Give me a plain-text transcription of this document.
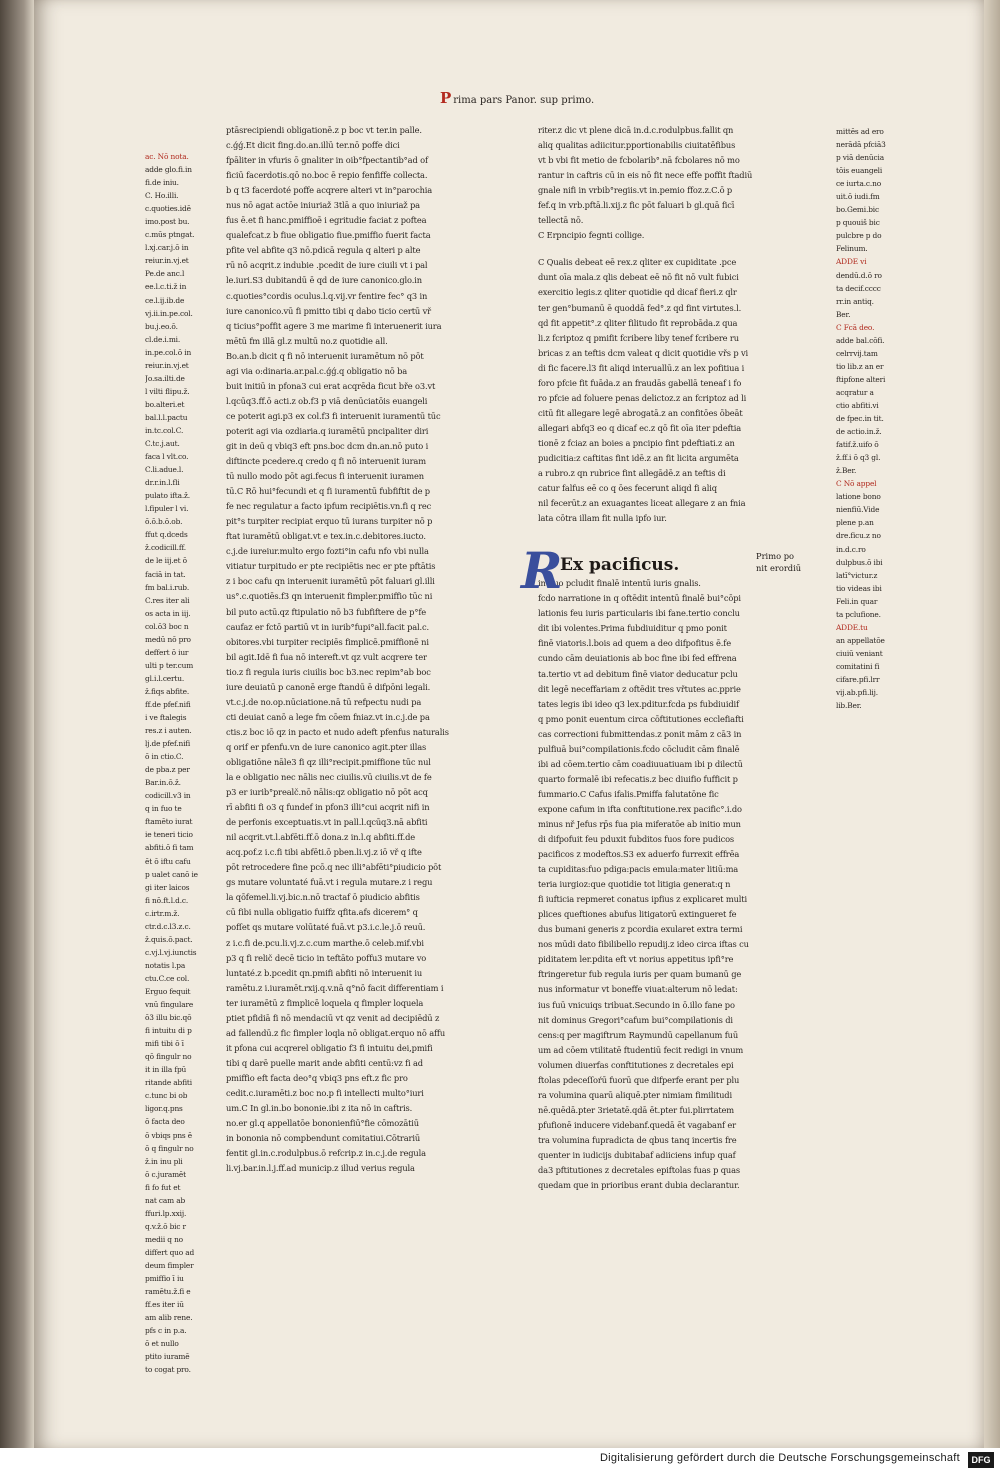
Prima pars Panor. sup primo.
ac. Nō nota.
adde glo.fi.in
fi.de iniu.
C. Ho.illi.
c.quoties.idē
imo.post bu.
c.mūs ptngat.
l.xj.car.j.ō in
reiur.in.vj.et
Pe.de anc.l
ee.l.c.ti.ž in
ce.l.ij.ib.de
vj.ii.in.pe.col.
bu.j.eo.ō.
cl.de.i.mi.
in.pe.col.ō in
reiur.in.vj.et
Jo.sa.ilti.de
l vilti flipu.ž.
bo.alteri.et
bal.l.l.pactu
in.tc.col.C.
C.tc.j.aut.
faca l vlt.co.
C.li.adue.l.
dr.r.in.l.fli
pulato ifta.ž.
l.fipuler l vi.
ō.ō.b.ō.ob.
ffut q.dceds
ž.codicill.ff.
de le iij.et ō
faciā in tat.
fm bal.i.rub.
C.res iter ali
os acta in iij.
col.ō3 boc n
medū nō pro
deffert ō iur
ulti p ter.cum
gl.i.l.certu.
ž.fiqs abfite.
ff.de pfef.nifi
i ve ftalegis
res.z i auten.
lj.de pfef.nifi
ō in ctio.C.
de pba.z per
Bar.in.ō.ž.
codicill.v3 in
q in fuo te
ftamēto iurat
ie teneri ticio
abfiti.ō fi tam
ēt ō iftu cafu
p ualet canō ie
gi iter laicos
fi nō.ft.l.d.c.
c.irtr.m.ž.
ctr.d.c.l3.z.c.
ž.quis.ō.pact.
c.vj.l.vj.iunctis
notatis l.pa
ctu.C.ce col.
Erguo fequit
vnū fingulare
ō3 illu bic.qō
fi intuitu di p
mifi tibi ō ī
qō fingulr no
it in illa fpū
ritande abfiti
c.tunc bi ob
ligor.q.pns
ō facta deo
ō vbiqs pns ē
ō q fingulr no
ž.in inu pli
ō c.juramēt
fi fo fut et
nat cam ab
ffuri.lp.xxij.
q.v.ž.ō bic r
medii q no
differt quo ad
deum fimpler
pmiffio ī iu
ramētu.ž.fi e
ff.es iter iū
am alib rene.
pfs c in p.a.
ō et nullo
ptito iuramē
to cogat pro.
ptāsrecipiendi obligationē.z p boc vt ter.in palle.
c.ǵǵ.Et dicit fing.do.an.illū ter.nō poffe dici
fpāliter in vfuris ō gnaliter in oib°fpectantib°ad of
ficiū facerdotis.qō no.boc ē repio fenfiffe collecta.
b q t3 facerdoté poffe acqrere alteri vt in°parochia
nus nō agat actōe iniuriaž 3tlā a quo iniuriaž pa
fus ē.et fi hanc.pmiffioē i egritudie faciat z poftea
qualefcat.z b fiue obligatio fiue.pmiffio fuerit facta
pfite vel abfite q3 nō.pdicā regula q alteri p alte
rū nō acqrit.z indubie .pcedit de iure ciuili vt i pal
le.iuri.S3 dubitandū ē qd de iure canonico.glo.in
c.quoties°cordis oculus.l.q.vij.vr fentire fec° q3 in
iure canonico.vū fi pmitto tibi q dabo ticio certū vř
q ticius°poffit agere 3 me marime fi interuenerit iura
mētū fm illā gl.z multū no.z quotidie all.
Bo.an.b dicit q fi nō interuenit iuramētum nō pōt
agi via o:dinaria.ar.pal.c.ǵǵ.q obligatio nō ba
buit initiū in pfona3 cui erat acqrēda ficut bře o3.vt
l.qcūq3.ff.ō acti.z ob.f3 p viā denūciatōis euangeli
ce poterit agi.p3 ex col.f3 fi interuenit iuramentū tūc
poterit agi via ozdiaria.q iuramētū pncipaliter diri
git in deū q vbiq3 eft pns.boc dcm dn.an.nō puto i
diftincte pcedere.q credo q fi nō interuenit iuram
tū nullo modo pōt agi.fecus fi interuenit iuramen
tū.C Rō hui°fecundi et q fi iuramentū fubfiftit de p
fe nec regulatur a facto ipfum recipiētis.vn.fi q rec
pit°s turpiter recipiat erquo tū iurans turpiter nō p
ftat iuramētū obligat.vt e tex.in.c.debitores.iucto.
c.j.de iureiur.multo ergo fozti°in cafu nfo vbi nulla
vitiatur turpitudo er pte recipiētis nec er pte pftātis
z i boc cafu qn interuenit iuramētū pōt faluari gl.illi
us°.c.quotiēs.f3 qn interuenit fimpler.pmiffio tūc ni
bil puto actū.qz ftipulatio nō b3 fubfiftere de p°fe
caufaz er fctō partiū vt in iurib°fupi°all.facit pal.c.
obitores.vbi turpiter recipiēs fimplicē.pmiffionē ni
bil agit.Idē fi fua nō intereft.vt qz vult acqrere ter
tio.z fi regula iuris ciuilis boc b3.nec repim°ab boc
iure deuiatū p canonē erge ftandū ē difpōni legali.
vt.c.j.de no.op.nūciatione.nā tū refpectu nudi pa
cti deuiat canō a lege fm cōem fniaz.vt in.c.j.de pa
ctis.z boc iō qz in pacto et nudo adeft pfenfus naturalis
q orif er pfenfu.vn de iure canonico agit.pter illas
obligatiōne nāle3 fi qz illi°recipit.pmiffione tūc nul
la e obligatio nec nālis nec ciuilis.vū ciuilis.vt de fe
p3 er iurib°prealč.nō nālis:qz obligatio nō pōt acq
rī abfiti fi o3 q fundef in pfon3 illi°cui acqrit nifi in
de perfonis exceptuatis.vt in pall.l.qcūq3.nā abfiti
nil acqrit.vt.l.abfēti.ff.ō dona.z in.l.q abfiti.ff.de
acq.pof.z i.c.fi tibi abfēti.ō pben.li.vj.z iō vř q ifte
pōt retrocedere fine pcō.q nec illi°abfēti°piudicio pōt
gs mutare voluntaté fuā.vt i regula mutare.z i regu
la qōfemel.li.vj.bic.n.nō tractaf ō piudicio abfitis
cū fibi nulla obligatio fuiffz qfita.afs dicerem° q
pofſet qs mutare volūtaté fuā.vt p3.i.c.le.j.ō reuū.
z i.c.fi de.pcu.li.vj.z.c.cum marthe.ō celeb.mif.vbi
p3 q fi relič decē ticio in teftāto poffu3 mutare vo
luntaté.z b.pcedit qn.pmifi abfiti nō interuenit iu
ramētu.z i.iuramēt.rxij.q.v.nā q°nō facit differentiam i
ter iuramētū z fimplicē loquela q fimpler loquela
ptiet pfidiā fi nō mendaciū vt qz venit ad decipiēdū z
ad fallendū.z fic fimpler loqla nō obligat.erquo nō affu
it pfona cui acqrerel obligatio f3 fi intuitu dei,pmifi
tibi q darē puelle marit ande abfiti centū:vz fi ad
pmiffio eft facta deo°q vbiq3 pns eft.z fic pro
cedit.c.iuramēti.z boc no.p fi intellecti multo°iuri
um.C In gl.in.bo bononie.ibi z ita nō in caftris.
no.er gl.q appellatōe bononienfiū°fie cōmozātiū
in bononia nō compbendunt comitatiui.Cōtrariū
fentit gl.in.c.rodulpbus.ō refcrip.z in.c.j.de regula
li.vj.bar.in.l.j.ff.ad municip.z illud verius regula
riter.z dic vt plene dicā in.d.c.rodulpbus.fallit qn
aliq qualitas adiicitur.pportionabilis ciuitatēfibus
vt b vbi fit metio de fcbolarib°.nā fcbolares nō mo
rantur in caftris cū in eis nō fit nece effe poffit ftadiū
gnale nifi in vrbib°regiis.vt in.pemio ffoz.z.C.ō p
fef.q in vrb.pftā.li.xij.z fic pōt faluari b gl.quā ficī
tellectā nō.
C Erpncipio fegnti collige.
C Qualis debeat eē rex.z qliter ex cupiditate .pce
dunt oīa mala.z qlis debeat eē nō fit nō vult fubici
exercitio legis.z qliter quotidie qd dicaf fieri.z qlr
ter gen°bumanū ē quoddā fed°.z qd fint virtutes.l.
qd fit appetit°.z qliter filitudo fit reprobāda.z qua
li.z fcriptoz q pmifit fcribere liby tenef fcribere ru
bricas z an teftis dcm valeat q dicit quotidie vřs p vi
di fic facere.l3 fit aliqd interuallū.z an lex pofitiua i
foro pfcie fit fuāda.z an fraudās gabellā teneaf i fo
ro pfcie ad foluere penas delictoz.z an fcriptoz ad li
citū fit allegare legē abrogatā.z an confitōes ōbeāt
allegari abfq3 eo q dicaf ec.z qō fit oīa iter pdeftia
tionē z fciaz an boies a pncipio fint pdeftiati.z an
pudicitia:z caftitas fint idē.z an fit licita argumēta
a rubro.z qn rubrice fint allegādē.z an teftis di
catur falfus eē co q ōes fecerunt aliqd fi aliq
nil fecerūt.z an exuagantes liceat allegare z an fnia
lata cōtra illam fit nulla ipfo iur.
in quo pcludit finalē intentū iuris gnalis.
fcdo narratione in q oftēdit intentū finalē bui°cōpi
lationis feu iuris particularis ibi fane.tertio conclu
dit ibi volentes.Prima fubdiuiditur q pmo ponit
finē viatoris.l.bois ad quem a deo difpofitus ē.fe
cundo cām deuiationis ab boc fine ibi fed effrena
ta.tertio vt ad debitum finē viator deducatur pclu
dit legē neceffariam z oftēdit tres vřtutes ac.pprie
tates legis ibi ideo q3 lex.pditur.fcda ps fubdiuidif
q pmo ponit euentum circa cōftitutiones ecclefiafti
cas correctioni fubmittendas.z ponit mām z cā3 in
pulfiuā bui°compilationis.fcdo cōcludit cām finalē
ibi ad cōem.tertio cām coadiuuatiuam ibi p dilectū
quarto formalē ibi refecatis.z bec diuifio fufficit p
fummario.C Cafus ifalis.Pmiffa falutatōne fic
expone cafum in ifta conftitutione.rex pacific°.i.do
minus nř Jefus rp̄s fua pia miferatōe ab initio mun
di difpofuit feu pduxit fubditos fuos fore pudicos
pacificos z modeftos.S3 ex aduerfo furrexit effrēa
ta cupiditas:fuo pdiga:pacis emula:mater litiū:ma
teria iurgioz:que quotidie tot litigia generat:q n
fi iufticia repmeret conatus ipfius z explicaret multi
plices queftiones abufus litigatorū extingueret fe
dus bumani generis z pcordia exularet extra termi
nos mūdi dato fibilibello repudij.z ideo circa iftas cu
piditatem ler.pdita eft vt norius appetitus ipfi°re
ftringeretur fub regula iuris per quam bumanū ge
nus informatur vt boneffe viuat:alterum nō ledat:
ius fuū vnicuiqs tribuat.Secundo in ō.illo fane po
nit dominus Gregori°cafum bui°compilationis di
cens:q per magiftrum Raymundū capellanum fuū
um ad cōem vtilitatē ftudentiū fecit redigi in vnum
volumen diuerfas conftitutiones z decretales epi
ftolas pdeceſſoŕū fuorū que difperfe erant per plu
ra volumina quarū aliquē.pter nimiam fimilitudi
nē.quēdā.pter 3rietatē.qdā ēt.pter fui.plirrtatem
pfufionē inducere videbanf.quedā ēt vagabanf er
tra volumina fupradicta de qbus tanq incertis fre
quenter in iudicijs dubitabaf adiiciens infup quaf
da3 pftitutiones z decretales epiftolas fuas p quas
quedam que in prioribus erant dubia declarantur.
mittēs ad ero
nerādā pfciā3
p viā denūcia
tōis euangeli
ce iurta.c.no
uit.ō iudi.fm
bo.Gemi.bic
p quouiš bic
pulcbre p do
Felinum.
ADDE vi
dendū.d.ō ro
ta decif.cccc
rr.in antiq.
Ber.
C Fcā deo.
adde bal.cōfi.
celrrvij.tam
tio lib.z an er
ftipfone alteri
acqratur a
ctio abfiti.vi
de fpec.in tit.
de actio.in.ž.
fatif.ž.uifo ō
ž.ff.i ō q3 gl.
ž.Ber.
C Nō appel
latione bono
nienfiū.Vide
plene p.an
dre.ficu.z no
in.d.c.ro
dulpbus.ō ibi
latī°victur.z
tio videas ibi
Feli.in quar
ta pclufione.
ADDE.tu
an appellatōe
ciuiū veniant
comitatini fi
cifare.pfi.lrr
vij.ab.pfi.lij.
lib.Ber.
R
Ex pacificus.	Primo po
nit erordiū
Digitalisierung gefördert durch die Deutsche Forschungsgemeinschaft	DFG
